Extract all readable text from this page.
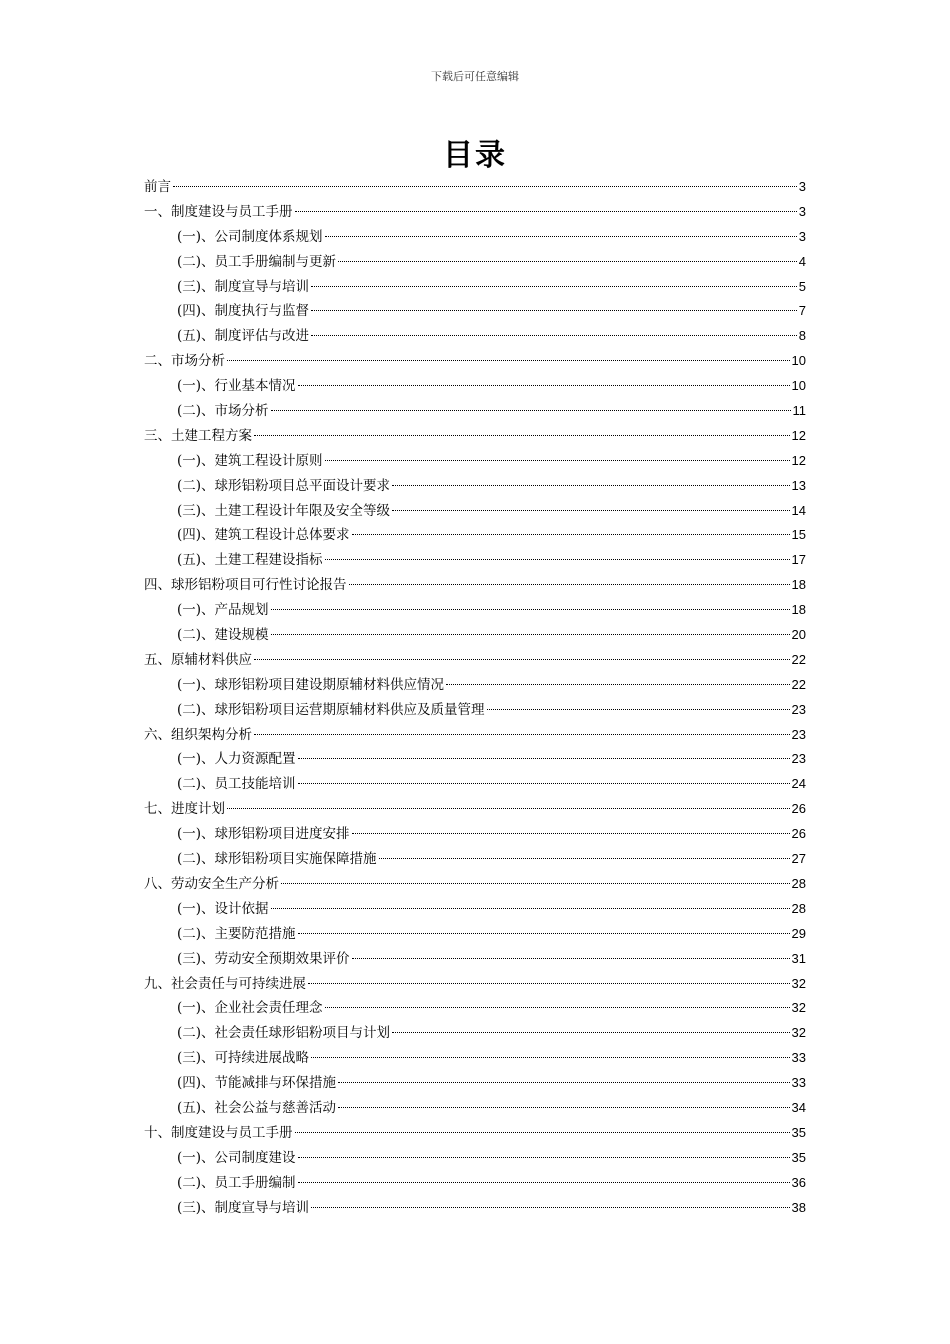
下载后可任意编辑
目录
前言	3
一、制度建设与员工手册	3
(一)、公司制度体系规划	3
(二)、员工手册编制与更新	4
(三)、制度宣导与培训	5
(四)、制度执行与监督	7
(五)、制度评估与改进	8
二、市场分析	10
(一)、行业基本情况	10
(二)、市场分析	11
三、土建工程方案	12
(一)、建筑工程设计原则	12
(二)、球形铝粉项目总平面设计要求	13
(三)、土建工程设计年限及安全等级	14
(四)、建筑工程设计总体要求	15
(五)、土建工程建设指标	17
四、球形铝粉项目可行性讨论报告	18
(一)、产品规划	18
(二)、建设规模	20
五、原辅材料供应	22
(一)、球形铝粉项目建设期原辅材料供应情况	22
(二)、球形铝粉项目运营期原辅材料供应及质量管理	23
六、组织架构分析	23
(一)、人力资源配置	23
(二)、员工技能培训	24
七、进度计划	26
(一)、球形铝粉项目进度安排	26
(二)、球形铝粉项目实施保障措施	27
八、劳动安全生产分析	28
(一)、设计依据	28
(二)、主要防范措施	29
(三)、劳动安全预期效果评价	31
九、社会责任与可持续进展	32
(一)、企业社会责任理念	32
(二)、社会责任球形铝粉项目与计划	32
(三)、可持续进展战略	33
(四)、节能减排与环保措施	33
(五)、社会公益与慈善活动	34
十、制度建设与员工手册	35
(一)、公司制度建设	35
(二)、员工手册编制	36
(三)、制度宣导与培训	38
